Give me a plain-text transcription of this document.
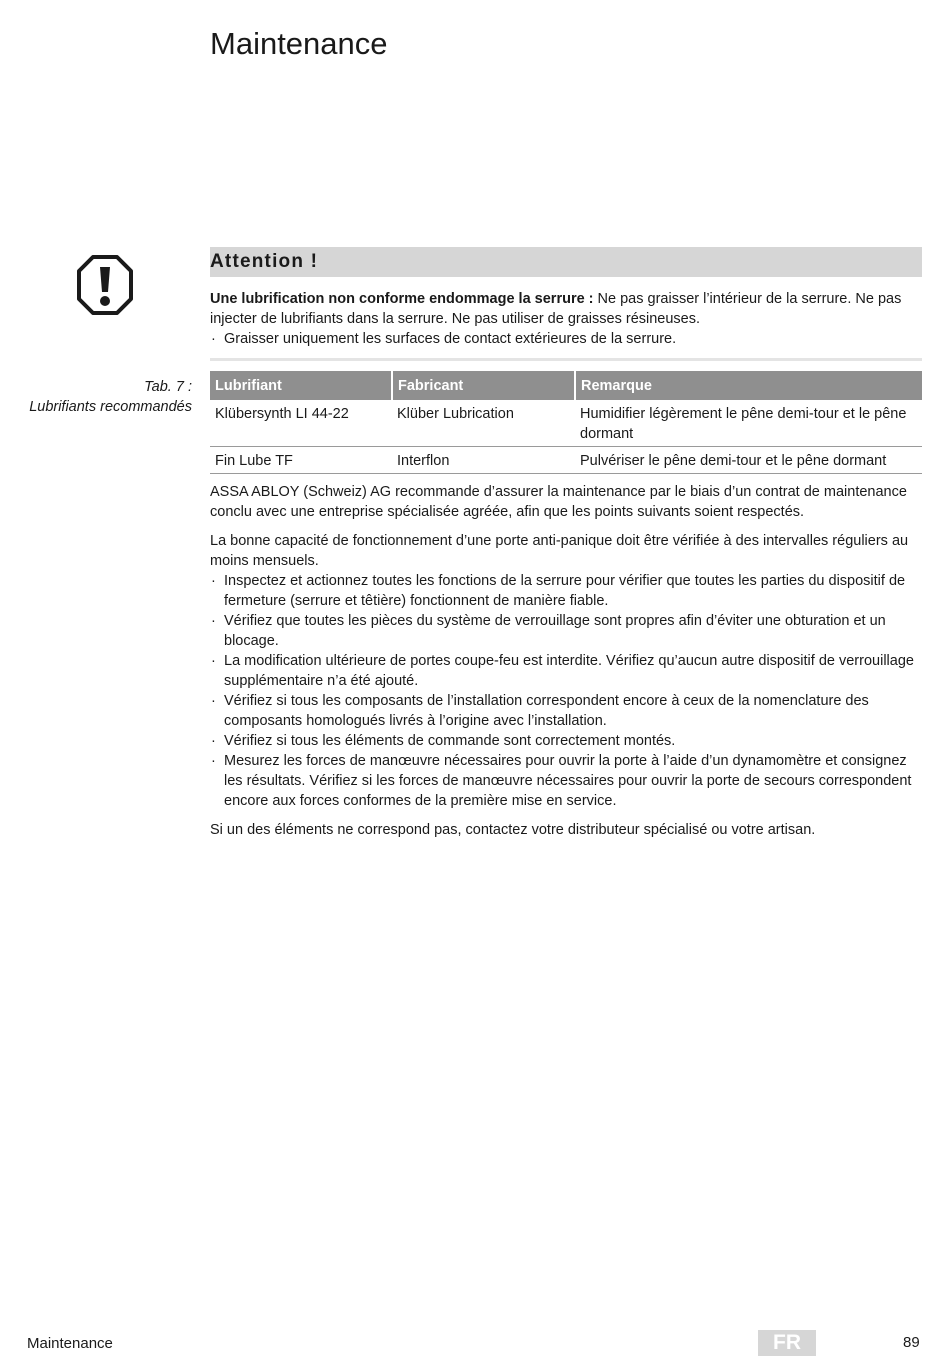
Maintenance
Attention !

Une lubrification non conforme endommage la serrure : Ne pas graisser l’intérieur de la serrure. Ne pas injecter de lubrifiants dans la serrure. Ne pas utiliser de graisses résineuses.

· Graisser uniquement les surfaces de contact extérieures de la serrure.
Tab. 7 :
Lubrifiants recommandés
Lubrifiant	Fabricant	Remarque
Klübersynth LI 44-22	Klüber Lubrication	Humidifier légèrement le pêne demi-tour et le pêne dormant
Fin Lube TF	Interflon	Pulvériser le pêne demi-tour et le pêne dormant

ASSA ABLOY (Schweiz) AG recommande d’assurer la maintenance par le biais d’un contrat de maintenance conclu avec une entreprise spécialisée agréée, afin que les points suivants soient respectés.

La bonne capacité de fonctionnement d’une porte anti-panique doit être vérifiée à des intervalles réguliers au moins mensuels.

· Inspectez et actionnez toutes les fonctions de la serrure pour vérifier que toutes les parties du dispositif de fermeture (serrure et têtière) fonctionnent de manière fiable.
· Vérifiez que toutes les pièces du système de verrouillage sont propres afin d’éviter une obturation et un blocage.
· La modification ultérieure de portes coupe-feu est interdite. Vérifiez qu’aucun autre dispositif de verrouillage supplémentaire n’a été ajouté.
· Vérifiez si tous les composants de l’installation correspondent encore à ceux de la nomenclature des composants homologués livrés à l’origine avec l’installation.
· Vérifiez si tous les éléments de commande sont correctement montés.
· Mesurez les forces de manœuvre nécessaires pour ouvrir la porte à l’aide d’un dynamomètre et consignez les résultats. Vérifiez si les forces de manœuvre nécessaires pour ouvrir la porte de secours correspondent encore aux forces conformes de la première mise en service.

Si un des éléments ne correspond pas, contactez votre distributeur spécialisé ou votre artisan.

Maintenance	FR	89
